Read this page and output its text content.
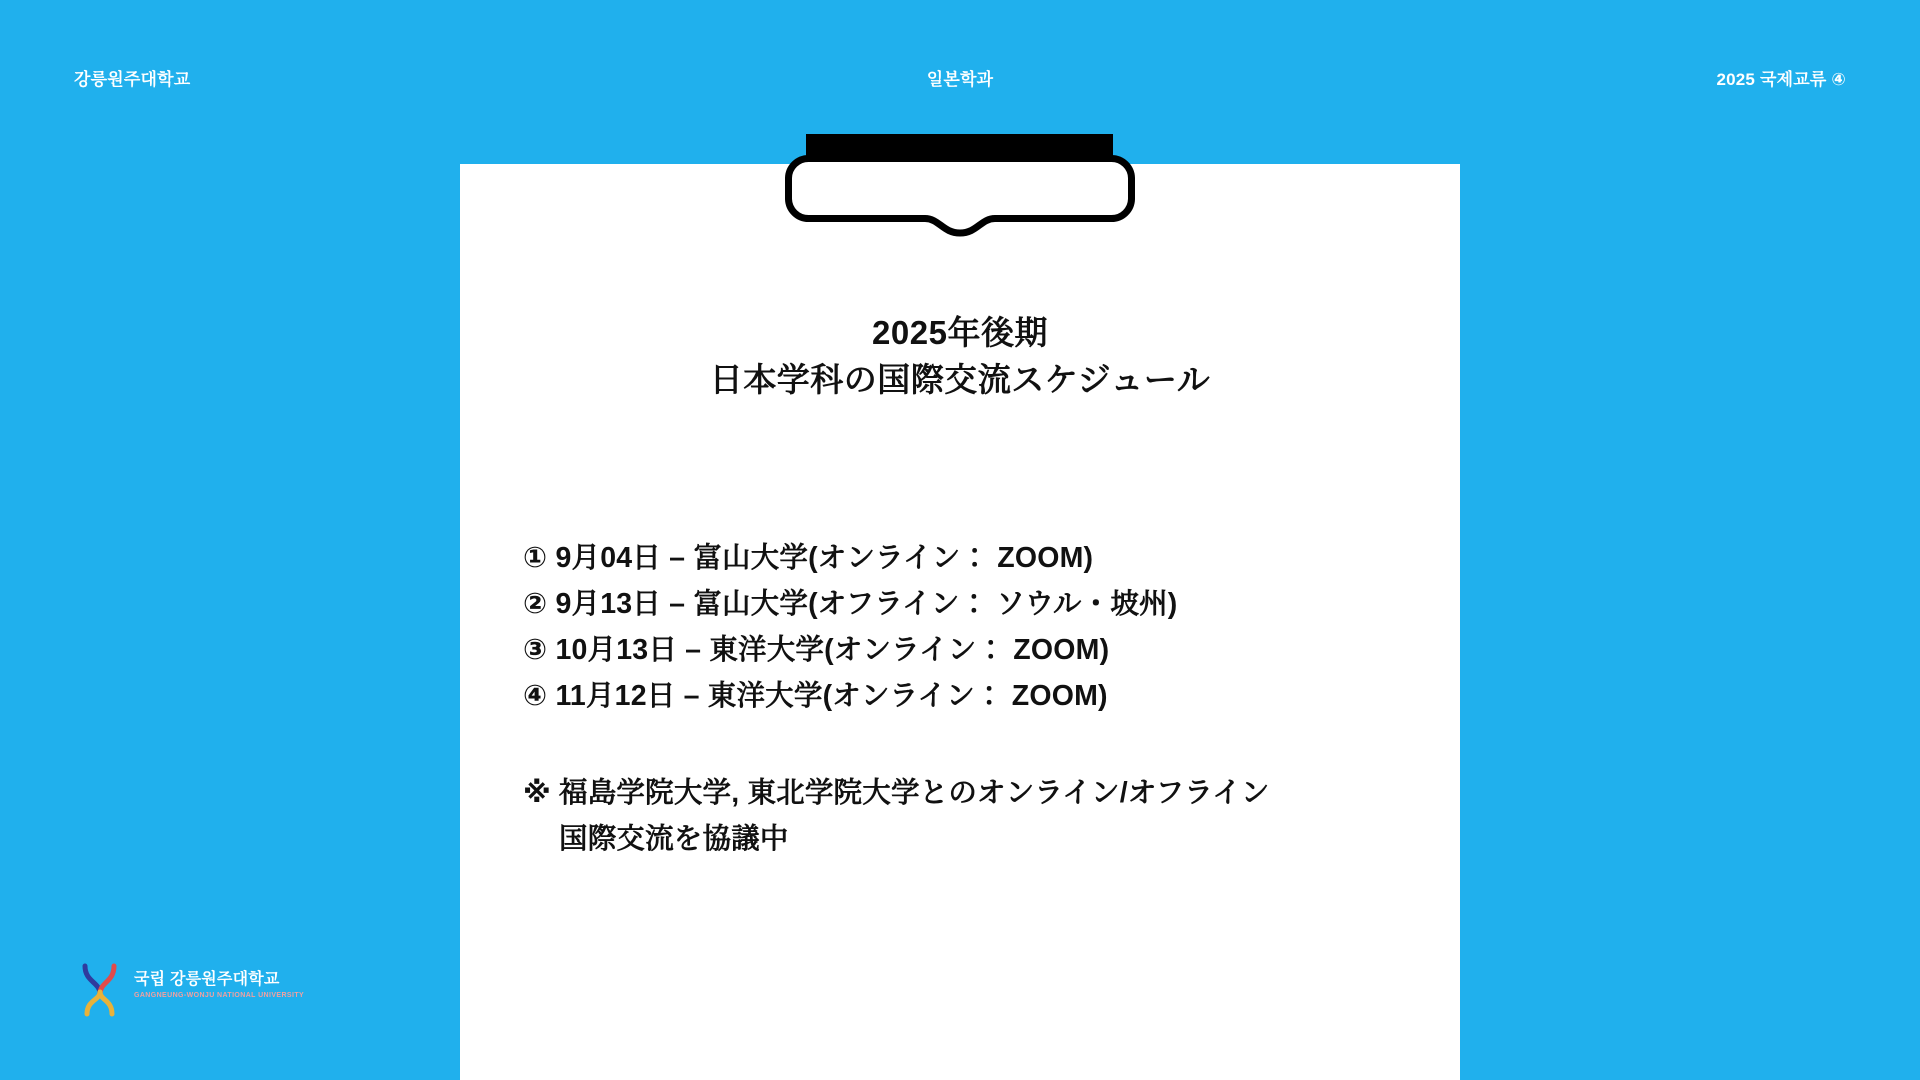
강릉원주대학교	일본학과	2025 국제교류 ④
2025年後期
日本学科の国際交流スケジュール
① 9月04日 – 富山大学(オンライン： ZOOM)
② 9月13日 – 富山大学(オフライン： ソウル・坡州)
③ 10月13日 – 東洋大学(オンライン： ZOOM)
④ 11月12日 – 東洋大学(オンライン： ZOOM)
※ 福島学院大学, 東北学院大学とのオンライン/オフライン
国際交流を協議中
국립 강릉원주대학교
GANGNEUNG-WONJU NATIONAL UNIVERSITY
